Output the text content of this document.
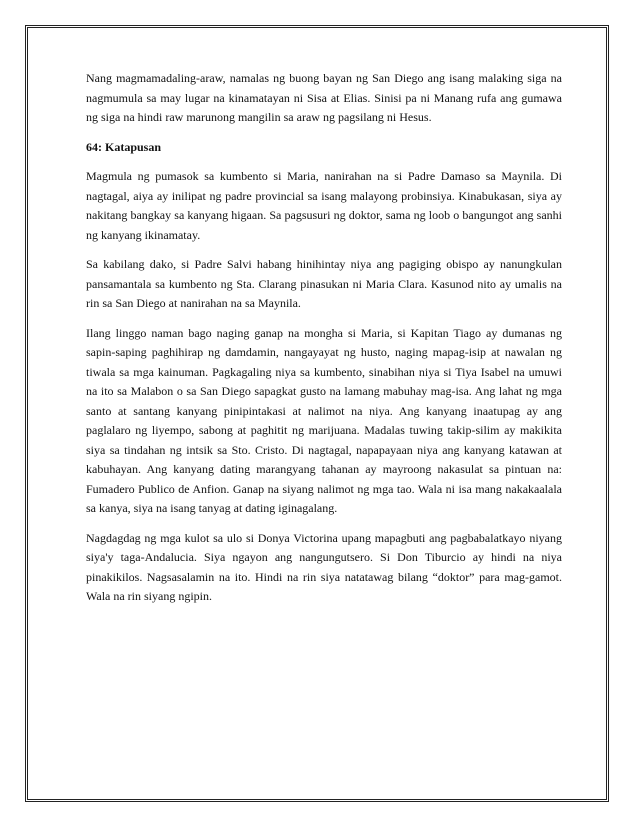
Nang magmamadaling-araw, namalas ng buong bayan ng San Diego ang isang malaking siga na nagmumula sa may lugar na kinamatayan ni Sisa at Elias. Sinisi pa ni Manang rufa ang gumawa ng siga na hindi raw marunong mangilin sa araw ng pagsilang ni Hesus.

64: Katapusan

Magmula ng pumasok sa kumbento si Maria, nanirahan na si Padre Damaso sa Maynila. Di nagtagal, aiya ay inilipat ng padre provincial sa isang malayong probinsiya. Kinabukasan, siya ay nakitang bangkay sa kanyang higaan. Sa pagsusuri ng doktor, sama ng loob o bangungot ang sanhi ng kanyang ikinamatay.

Sa kabilang dako, si Padre Salvi habang hinihintay niya ang pagiging obispo ay nanungkulan pansamantala sa kumbento ng Sta. Clarang pinasukan ni Maria Clara. Kasunod nito ay umalis na rin sa San Diego at nanirahan na sa Maynila.

Ilang linggo naman bago naging ganap na mongha si Maria, si Kapitan Tiago ay dumanas ng sapin-saping paghihirap ng damdamin, nangayayat ng husto, naging mapag-isip at nawalan ng tiwala sa mga kainuman. Pagkagaling niya sa kumbento, sinabihan niya si Tiya Isabel na umuwi na ito sa Malabon o sa San Diego sapagkat gusto na lamang mabuhay mag-isa. Ang lahat ng mga santo at santang kanyang pinipintakasi at nalimot na niya. Ang kanyang inaatupag ay ang paglalaro ng liyempo, sabong at paghitit ng marijuana. Madalas tuwing takip-silim ay makikita siya sa tindahan ng intsik sa Sto. Cristo. Di nagtagal, napapayaan niya ang kanyang katawan at kabuhayan. Ang kanyang dating marangyang tahanan ay mayroong nakasulat sa pintuan na: Fumadero Publico de Anfion. Ganap na siyang nalimot ng mga tao. Wala ni isa mang nakakaalala sa kanya, siya na isang tanyag at dating iginagalang.

Nagdagdag ng mga kulot sa ulo si Donya Victorina upang mapagbuti ang pagbabalatkayo niyang siya'y taga-Andalucia. Siya ngayon ang nangungutsero. Si Don Tiburcio ay hindi na niya pinakikilos. Nagsasalamin na ito. Hindi na rin siya natatawag bilang “doktor” para mag-gamot. Wala na rin siyang ngipin.
